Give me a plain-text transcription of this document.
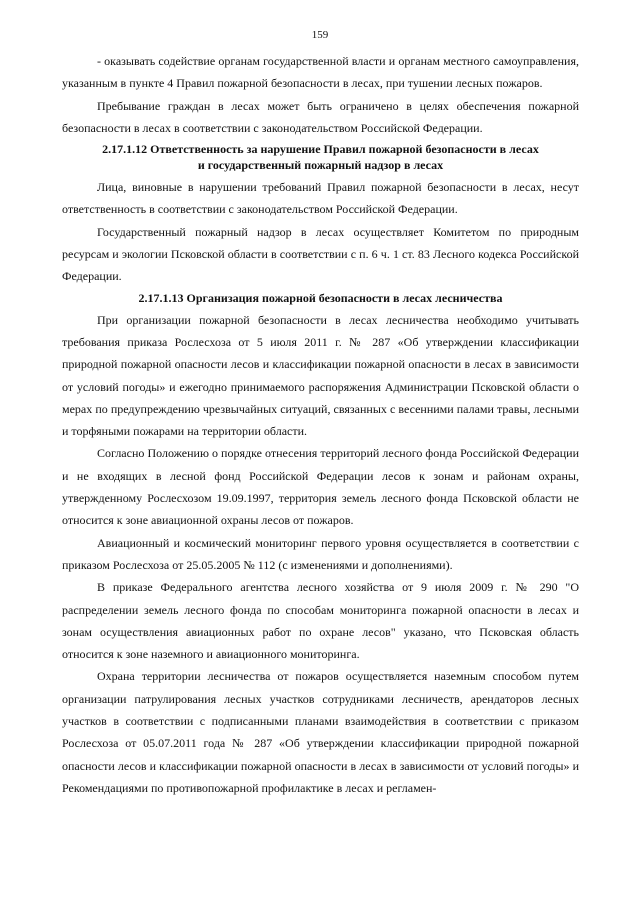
159

- оказывать содействие органам государственной власти и органам местного самоуправления, указанным в пункте 4 Правил пожарной безопасности в лесах, при тушении лесных пожаров.

Пребывание граждан в лесах может быть ограничено в целях обеспечения пожарной безопасности в лесах в соответствии с законодательством Российской Федерации.

2.17.1.12 Ответственность за нарушение Правил пожарной безопасности в лесах
и государственный пожарный надзор в лесах

Лица, виновные в нарушении требований Правил пожарной безопасности в лесах, несут ответственность в соответствии с законодательством Российской Федерации.

Государственный пожарный надзор в лесах осуществляет Комитетом по природным ресурсам и экологии Псковской области в соответствии с п. 6 ч. 1 ст. 83 Лесного кодекса Российской Федерации.

2.17.1.13 Организация пожарной безопасности в лесах лесничества

При организации пожарной безопасности в лесах лесничества необходимо учитывать требования приказа Рослесхоза от 5 июля 2011 г. № 287 «Об утверждении классификации природной пожарной опасности лесов и классификации пожарной опасности в лесах в зависимости от условий погоды» и ежегодно принимаемого распоряжения Администрации Псковской области о мерах по предупреждению чрезвычайных ситуаций, связанных с весенними палами травы, лесными и торфяными пожарами на территории области.

Согласно Положению о порядке отнесения территорий лесного фонда Российской Федерации и не входящих в лесной фонд Российской Федерации лесов к зонам и районам охраны, утвержденному Рослесхозом 19.09.1997, территория земель лесного фонда Псковской области не относится к зоне авиационной охраны лесов от пожаров.

Авиационный и космический мониторинг первого уровня осуществляется в соответствии с приказом Рослесхоза от 25.05.2005 № 112 (с изменениями и дополнениями).

В приказе Федерального агентства лесного хозяйства от 9 июля 2009 г. № 290 "О распределении земель лесного фонда по способам мониторинга пожарной опасности в лесах и зонам осуществления авиационных работ по охране лесов" указано, что Псковская область относится к зоне наземного и авиационного мониторинга.

Охрана территории лесничества от пожаров осуществляется наземным способом путем организации патрулирования лесных участков сотрудниками лесничеств, арендаторов лесных участков в соответствии с подписанными планами взаимодействия в соответствии с приказом Рослесхоза от 05.07.2011 года № 287 «Об утверждении классификации природной пожарной опасности лесов и классификации пожарной опасности в лесах в зависимости от условий погоды» и Рекомендациями по противопожарной профилактике в лесах и регламен-
